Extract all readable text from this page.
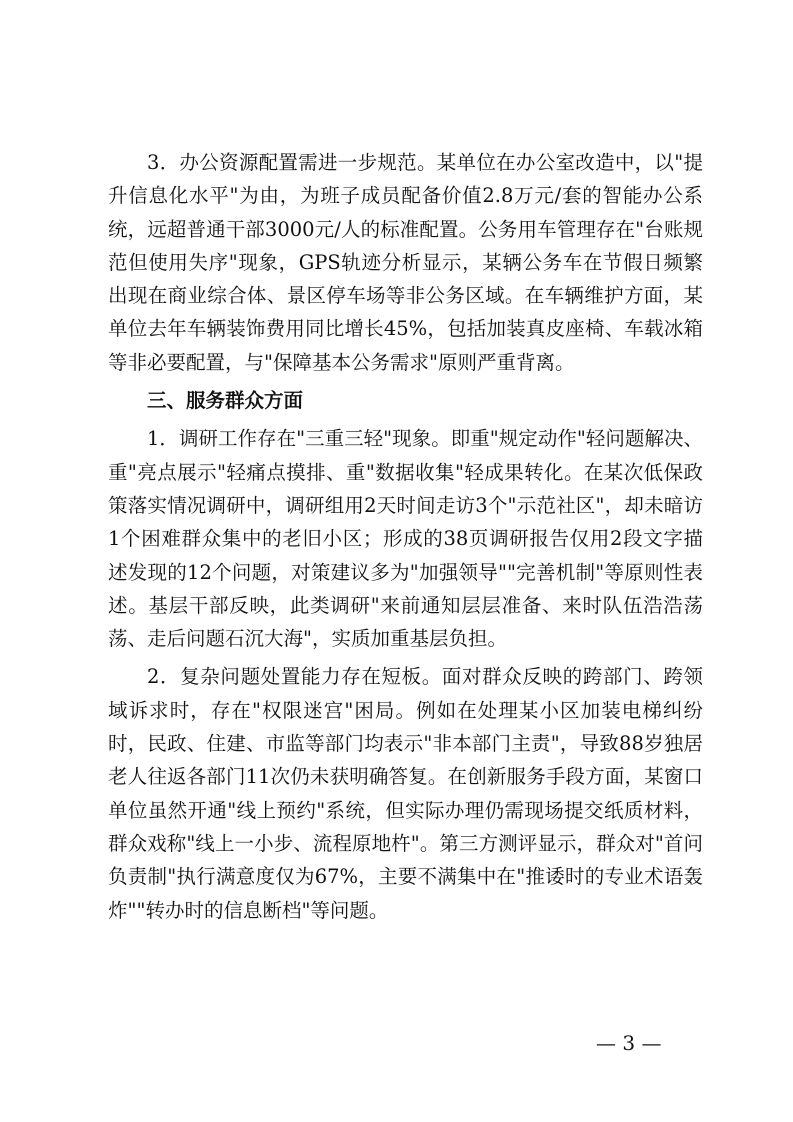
3．办公资源配置需进一步规范。某单位在办公室改造中，以"提升信息化水平"为由，为班子成员配备价值2.8万元/套的智能办公系统，远超普通干部3000元/人的标准配置。公务用车管理存在"台账规范但使用失序"现象，GPS轨迹分析显示，某辆公务车在节假日频繁出现在商业综合体、景区停车场等非公务区域。在车辆维护方面，某单位去年车辆装饰费用同比增长45%，包括加装真皮座椅、车载冰箱等非必要配置，与"保障基本公务需求"原则严重背离。

三、服务群众方面

1．调研工作存在"三重三轻"现象。即重"规定动作"轻问题解决、重"亮点展示"轻痛点摸排、重"数据收集"轻成果转化。在某次低保政策落实情况调研中，调研组用2天时间走访3个"示范社区"，却未暗访1个困难群众集中的老旧小区；形成的38页调研报告仅用2段文字描述发现的12个问题，对策建议多为"加强领导""完善机制"等原则性表述。基层干部反映，此类调研"来前通知层层准备、来时队伍浩浩荡荡、走后问题石沉大海"，实质加重基层负担。

2．复杂问题处置能力存在短板。面对群众反映的跨部门、跨领域诉求时，存在"权限迷宫"困局。例如在处理某小区加装电梯纠纷时，民政、住建、市监等部门均表示"非本部门主责"，导致88岁独居老人往返各部门11次仍未获明确答复。在创新服务手段方面，某窗口单位虽然开通"线上预约"系统，但实际办理仍需现场提交纸质材料，群众戏称"线上一小步、流程原地杵"。第三方测评显示，群众对"首问负责制"执行满意度仅为67%，主要不满集中在"推诿时的专业术语轰炸""转办时的信息断档"等问题。

— 3 —
